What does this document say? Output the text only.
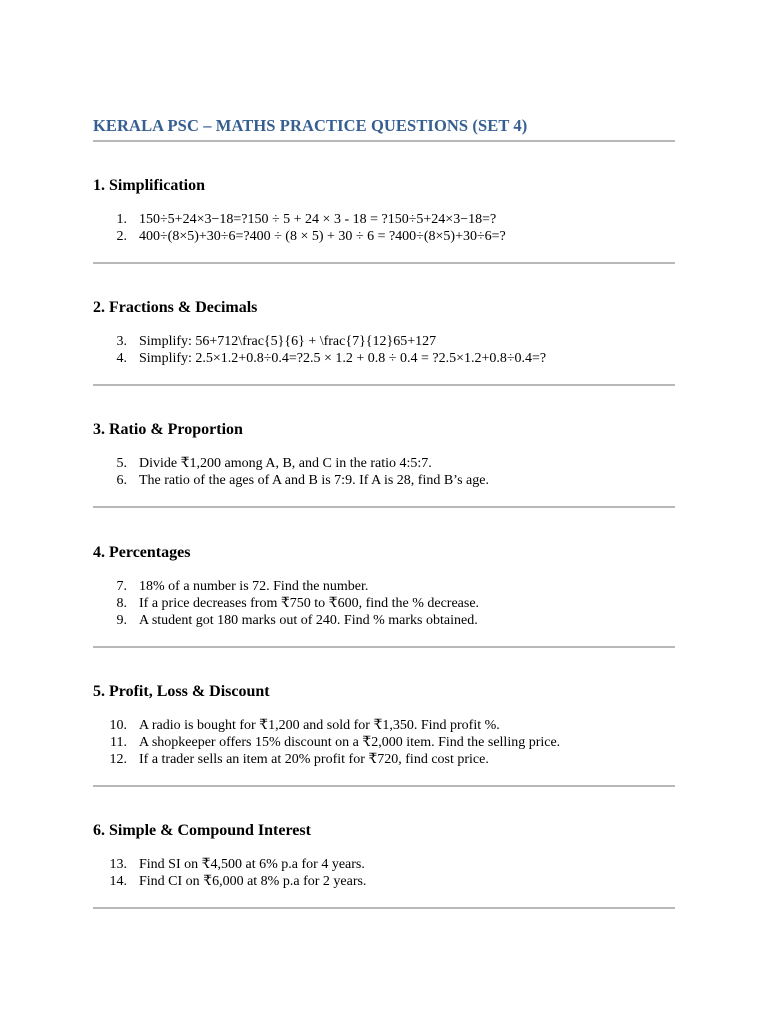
KERALA PSC – MATHS PRACTICE QUESTIONS (SET 4)
1. Simplification
1. 150÷5+24×3−18=?150 ÷ 5 + 24 × 3 - 18 = ?150÷5+24×3−18=?
2. 400÷(8×5)+30÷6=?400 ÷ (8 × 5) + 30 ÷ 6 = ?400÷(8×5)+30÷6=?
2. Fractions & Decimals
3. Simplify: 56+712\frac{5}{6} + \frac{7}{12}65+127
4. Simplify: 2.5×1.2+0.8÷0.4=?2.5 × 1.2 + 0.8 ÷ 0.4 = ?2.5×1.2+0.8÷0.4=?
3. Ratio & Proportion
5. Divide ₹1,200 among A, B, and C in the ratio 4:5:7.
6. The ratio of the ages of A and B is 7:9. If A is 28, find B’s age.
4. Percentages
7. 18% of a number is 72. Find the number.
8. If a price decreases from ₹750 to ₹600, find the % decrease.
9. A student got 180 marks out of 240. Find % marks obtained.
5. Profit, Loss & Discount
10. A radio is bought for ₹1,200 and sold for ₹1,350. Find profit %.
11. A shopkeeper offers 15% discount on a ₹2,000 item. Find the selling price.
12. If a trader sells an item at 20% profit for ₹720, find cost price.
6. Simple & Compound Interest
13. Find SI on ₹4,500 at 6% p.a for 4 years.
14. Find CI on ₹6,000 at 8% p.a for 2 years.
